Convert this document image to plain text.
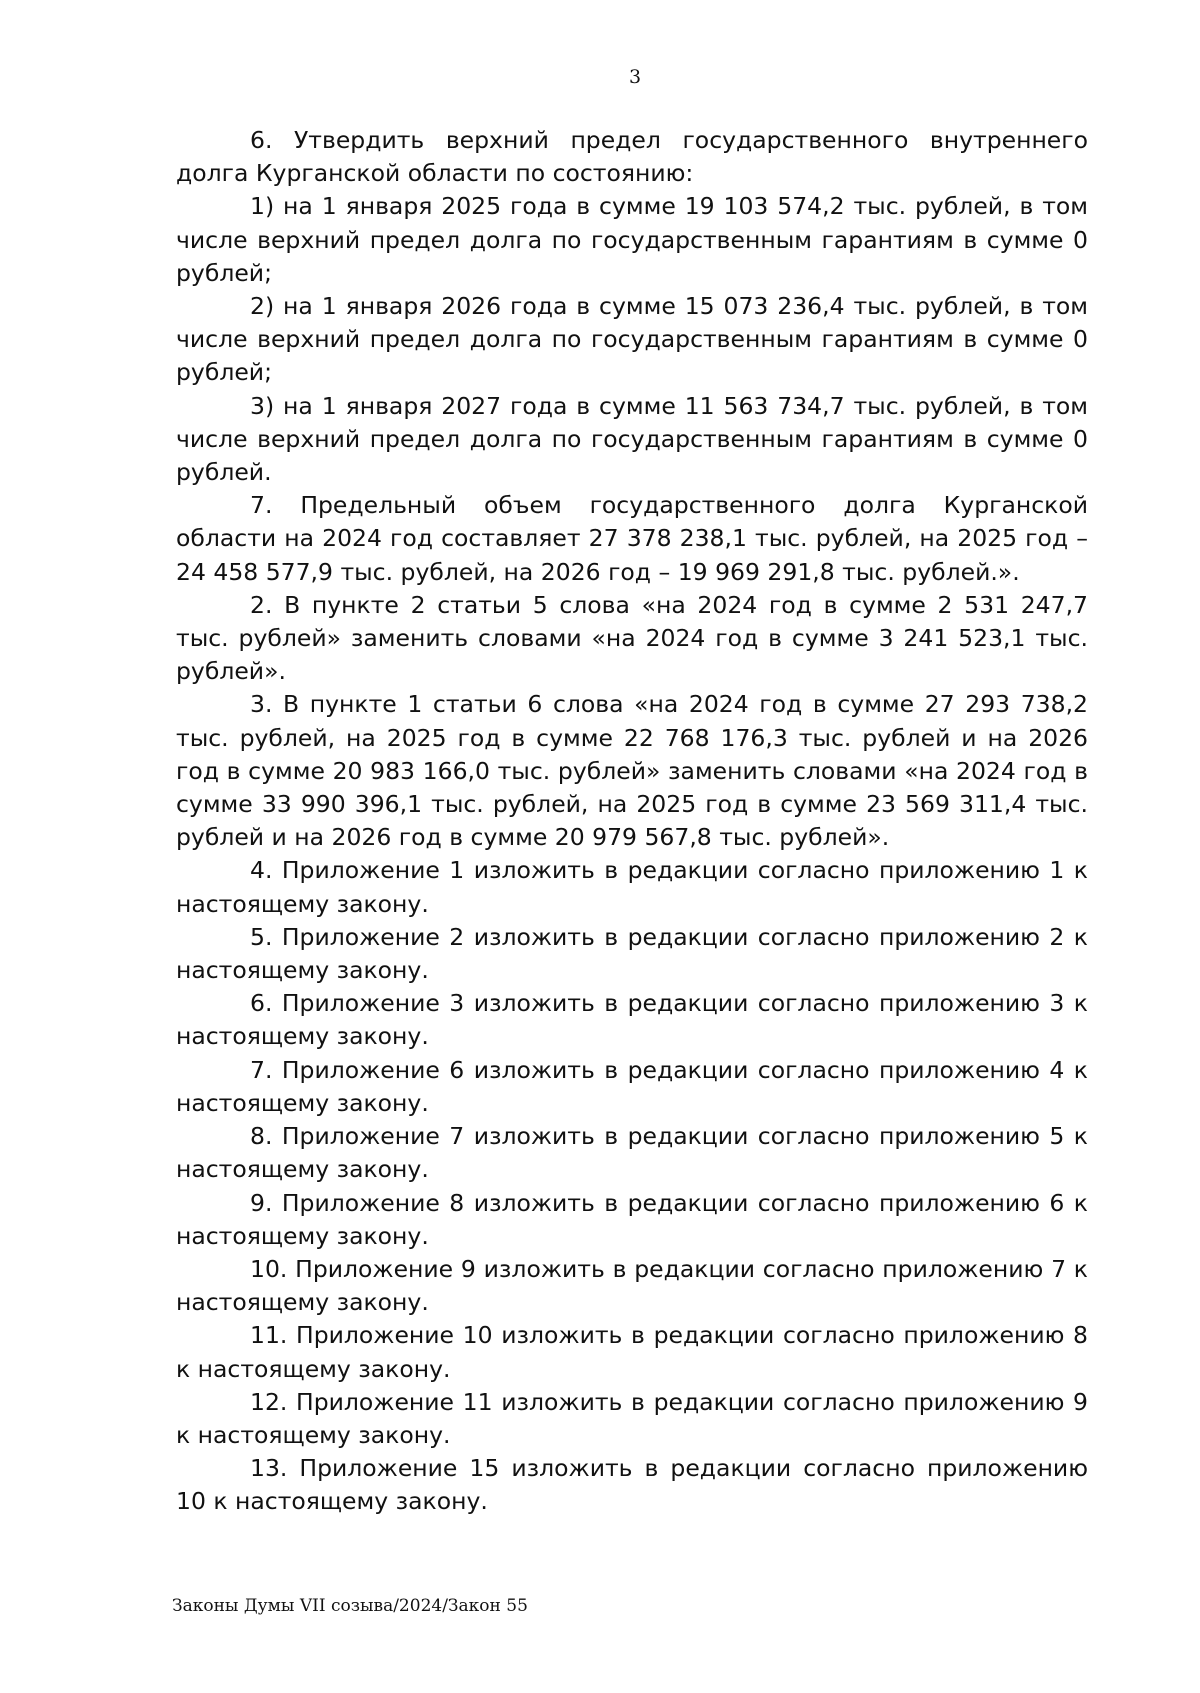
3

6. Утвердить верхний предел государственного внутреннего долга Курганской области по состоянию:

1) на 1 января 2025 года в сумме 19 103 574,2 тыс. рублей, в том числе верхний предел долга по государственным гарантиям в сумме 0 рублей;

2) на 1 января 2026 года в сумме 15 073 236,4 тыс. рублей, в том числе верхний предел долга по государственным гарантиям в сумме 0 рублей;

3) на 1 января 2027 года в сумме 11 563 734,7 тыс. рублей, в том числе верхний предел долга по государственным гарантиям в сумме 0 рублей.

7. Предельный объем государственного долга Курганской области на 2024 год составляет 27 378 238,1 тыс. рублей, на 2025 год – 24 458 577,9 тыс. рублей, на 2026 год – 19 969 291,8 тыс. рублей.».

2. В пункте 2 статьи 5 слова «на 2024 год в сумме 2 531 247,7 тыс. рублей» заменить словами «на 2024 год в сумме 3 241 523,1 тыс. рублей».

3. В пункте 1 статьи 6 слова «на 2024 год в сумме 27 293 738,2 тыс. рублей, на 2025 год в сумме 22 768 176,3 тыс. рублей и на 2026 год в сумме 20 983 166,0 тыс. рублей» заменить словами «на 2024 год в сумме 33 990 396,1 тыс. рублей, на 2025 год в сумме 23 569 311,4 тыс. рублей и на 2026 год в сумме 20 979 567,8 тыс. рублей».

4. Приложение 1 изложить в редакции согласно приложению 1 к настоящему закону.

5. Приложение 2 изложить в редакции согласно приложению 2 к настоящему закону.

6. Приложение 3 изложить в редакции согласно приложению 3 к настоящему закону.

7. Приложение 6 изложить в редакции согласно приложению 4 к настоящему закону.

8. Приложение 7 изложить в редакции согласно приложению 5 к настоящему закону.

9. Приложение 8 изложить в редакции согласно приложению 6 к настоящему закону.

10. Приложение 9 изложить в редакции согласно приложению 7 к настоящему закону.

11. Приложение 10 изложить в редакции согласно приложению 8 к настоящему закону.

12. Приложение 11 изложить в редакции согласно приложению 9 к настоящему закону.

13. Приложение 15 изложить в редакции согласно приложению 10 к настоящему закону.

Законы Думы VII созыва/2024/Закон 55
